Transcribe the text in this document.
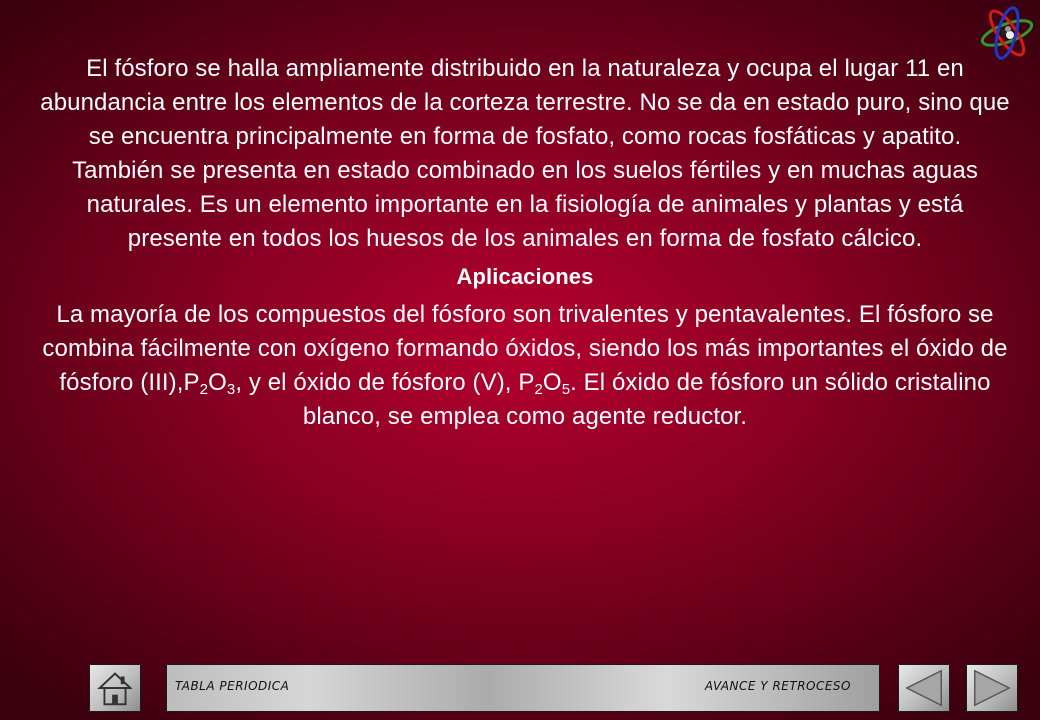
El fósforo se halla ampliamente distribuido en la naturaleza y ocupa el lugar 11 en abundancia entre los elementos de la corteza terrestre. No se da en estado puro, sino que se encuentra principalmente en forma de fosfato, como rocas fosfáticas y apatito. También se presenta en estado combinado en los suelos fértiles y en muchas aguas naturales. Es un elemento importante en la fisiología de animales y plantas y está presente en todos los huesos de los animales en forma de fosfato cálcico.

Aplicaciones

La mayoría de los compuestos del fósforo son trivalentes y pentavalentes. El fósforo se combina fácilmente con oxígeno formando óxidos, siendo los más importantes el óxido de fósforo $(III),P_2O_3$, y el óxido de fósforo (V), $P_2O_5$. El óxido de fósforo un sólido cristalino blanco, se emplea como agente reductor.

TABLA PERIODICA	AVANCE Y RETROCESO
